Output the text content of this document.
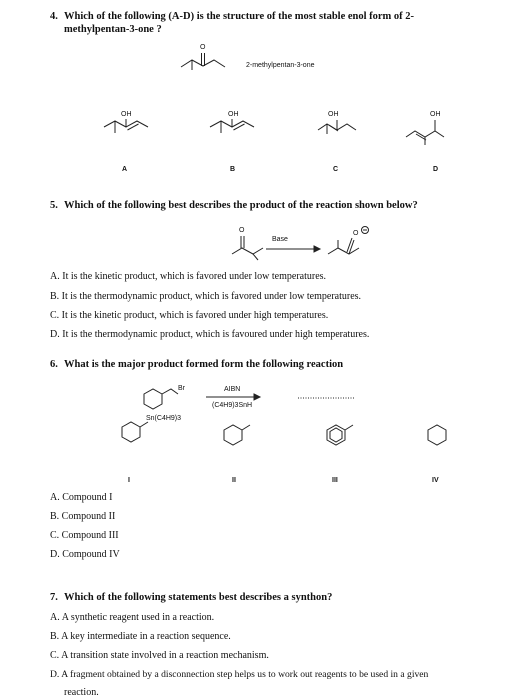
4. Which of the following (A-D) is the structure of the most stable enol form of 2-
methylpentan-3-one ?
O
2-methylpentan-3-one
OH
A
OH
B
OH
C
OH
D
5. Which of the following best describes the product of the reaction shown below?
O
Base
O
A. It is the kinetic product, which is favored under low temperatures.
B. It is the thermodynamic product, which is favored under low temperatures.
C. It is the kinetic product, which is favored under high temperatures.
D. It is the thermodynamic product, which is favoured under high temperatures.
6. What is the major product formed form the following reaction
Br	AIBN
(C4H9)3SnH
Sn(C4H9)3
I	II	III	IV
A. Compound I
B. Compound II
C. Compound III
D. Compound IV
7. Which of the following statements best describes a synthon?
A. A synthetic reagent used in a reaction.
B. A key intermediate in a reaction sequence.
C. A transition state involved in a reaction mechanism.
D. A fragment obtained by a disconnection step helps us to work out reagents to be used in a given
reaction.
